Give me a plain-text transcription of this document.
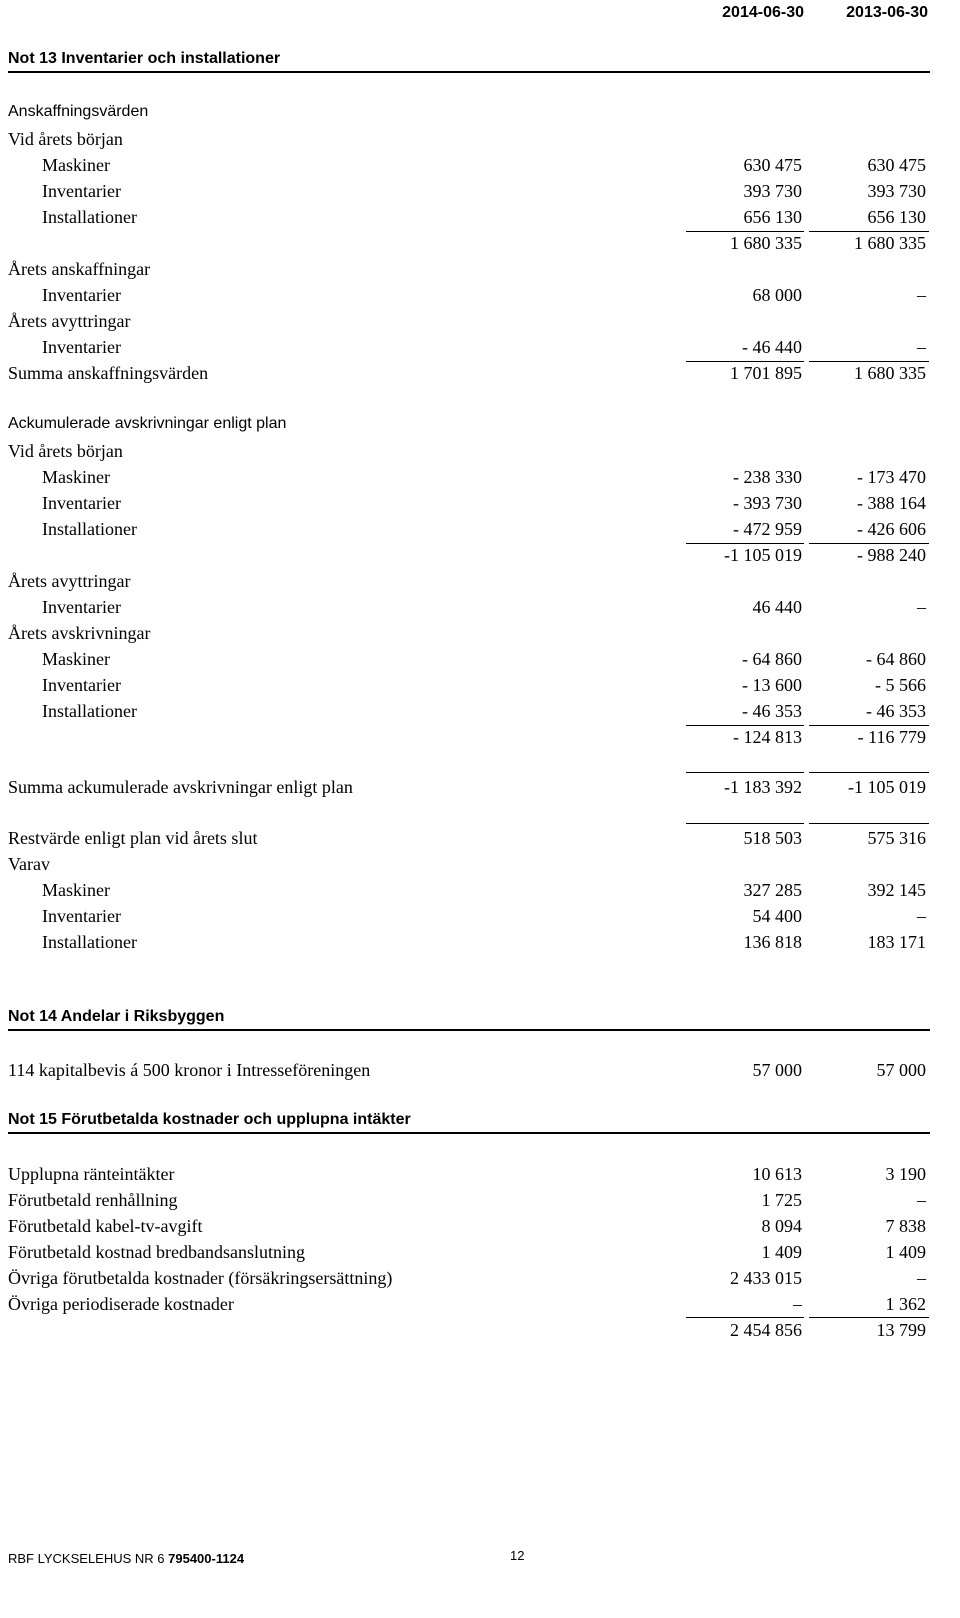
2014-06-30	2013-06-30
Not 13 Inventarier och installationer
Anskaffningsvärden
Vid årets början
Maskiner	630 475	630 475
Inventarier	393 730	393 730
Installationer	656 130	656 130
1 680 335	1 680 335
Årets anskaffningar
Inventarier	68 000	–
Årets avyttringar
Inventarier	- 46 440	–
Summa anskaffningsvärden	1 701 895	1 680 335
Ackumulerade avskrivningar enligt plan
Vid årets början
Maskiner	- 238 330	- 173 470
Inventarier	- 393 730	- 388 164
Installationer	- 472 959	- 426 606
-1 105 019	- 988 240
Årets avyttringar
Inventarier	46 440	–
Årets avskrivningar
Maskiner	- 64 860	- 64 860
Inventarier	- 13 600	- 5 566
Installationer	- 46 353	- 46 353
- 124 813	- 116 779
Summa ackumulerade avskrivningar enligt plan	-1 183 392	-1 105 019
Restvärde enligt plan vid årets slut	518 503	575 316
Varav
Maskiner	327 285	392 145
Inventarier	54 400	–
Installationer	136 818	183 171
Not 14 Andelar i Riksbyggen
114 kapitalbevis á 500 kronor i Intresseföreningen	57 000	57 000
Not 15 Förutbetalda kostnader och upplupna intäkter
Upplupna ränteintäkter	10 613	3 190
Förutbetald renhållning	1 725	–
Förutbetald kabel-tv-avgift	8 094	7 838
Förutbetald kostnad bredbandsanslutning	1 409	1 409
Övriga förutbetalda kostnader (försäkringsersättning)	2 433 015	–
Övriga periodiserade kostnader	–	1 362
2 454 856	13 799
RBF LYCKSELEHUS NR 6 795400-1124	12
